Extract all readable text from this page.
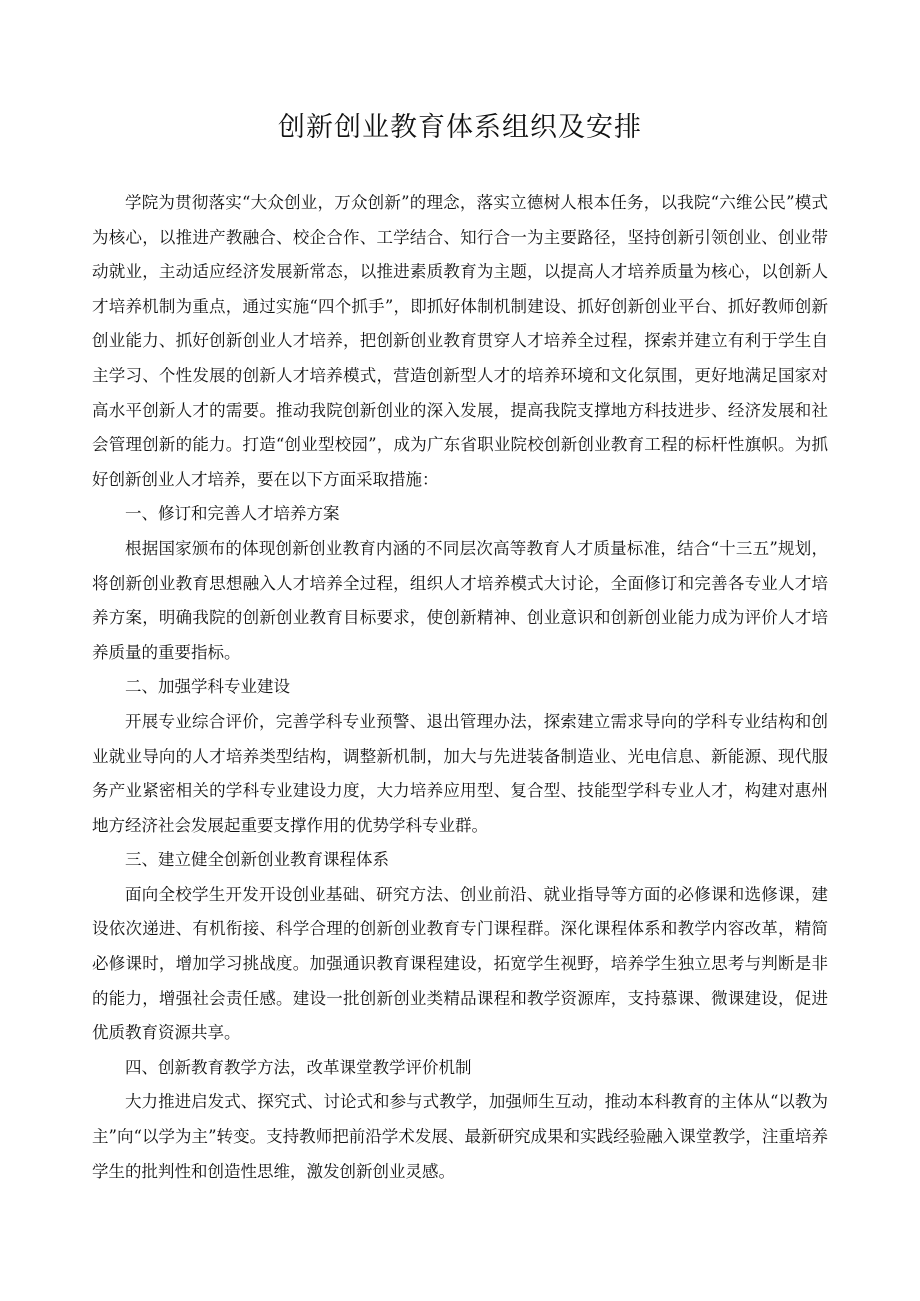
创新创业教育体系组织及安排

学院为贯彻落实“大众创业，万众创新”的理念，落实立德树人根本任务，以我院“六维公民”模式为核心，以推进产教融合、校企合作、工学结合、知行合一为主要路径，坚持创新引领创业、创业带动就业，主动适应经济发展新常态，以推进素质教育为主题，以提高人才培养质量为核心，以创新人才培养机制为重点，通过实施“四个抓手”，即抓好体制机制建设、抓好创新创业平台、抓好教师创新创业能力、抓好创新创业人才培养，把创新创业教育贯穿人才培养全过程，探索并建立有利于学生自主学习、个性发展的创新人才培养模式，营造创新型人才的培养环境和文化氛围，更好地满足国家对高水平创新人才的需要。推动我院创新创业的深入发展，提高我院支撑地方科技进步、经济发展和社会管理创新的能力。打造“创业型校园”，成为广东省职业院校创新创业教育工程的标杆性旗帜。为抓好创新创业人才培养，要在以下方面采取措施：

一、修订和完善人才培养方案

根据国家颁布的体现创新创业教育内涵的不同层次高等教育人才质量标准，结合“十三五”规划，将创新创业教育思想融入人才培养全过程，组织人才培养模式大讨论，全面修订和完善各专业人才培养方案，明确我院的创新创业教育目标要求，使创新精神、创业意识和创新创业能力成为评价人才培养质量的重要指标。

二、加强学科专业建设

开展专业综合评价，完善学科专业预警、退出管理办法，探索建立需求导向的学科专业结构和创业就业导向的人才培养类型结构，调整新机制，加大与先进装备制造业、光电信息、新能源、现代服务产业紧密相关的学科专业建设力度，大力培养应用型、复合型、技能型学科专业人才，构建对惠州地方经济社会发展起重要支撑作用的优势学科专业群。

三、建立健全创新创业教育课程体系

面向全校学生开发开设创业基础、研究方法、创业前沿、就业指导等方面的必修课和选修课，建设依次递进、有机衔接、科学合理的创新创业教育专门课程群。深化课程体系和教学内容改革，精简必修课时，增加学习挑战度。加强通识教育课程建设，拓宽学生视野，培养学生独立思考与判断是非的能力，增强社会责任感。建设一批创新创业类精品课程和教学资源库，支持慕课、微课建设，促进优质教育资源共享。

四、创新教育教学方法，改革课堂教学评价机制

大力推进启发式、探究式、讨论式和参与式教学，加强师生互动，推动本科教育的主体从“以教为主”向“以学为主”转变。支持教师把前沿学术发展、最新研究成果和实践经验融入课堂教学，注重培养学生的批判性和创造性思维，激发创新创业灵感。
